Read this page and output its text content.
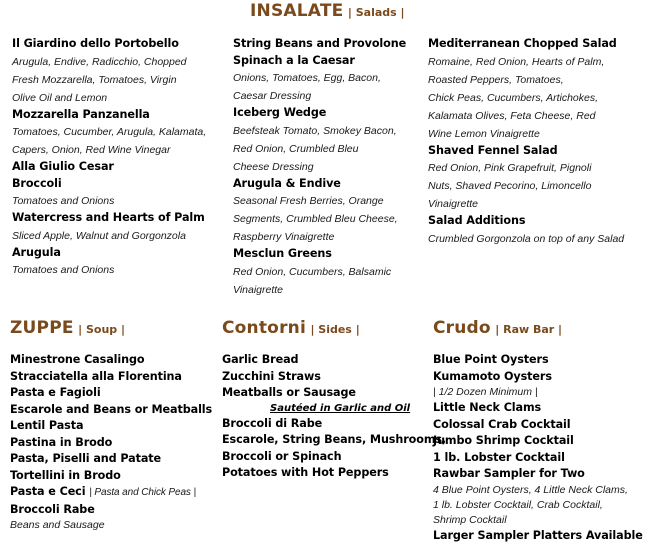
INSALATE | Salads |
ZUPPE | Soup |	Contorni | Sides |	Crudo | Raw Bar |
Il Giardino dello Portobello
Arugula, Endive, Radicchio, Chopped
Fresh Mozzarella, Tomatoes, Virgin
Olive Oil and Lemon
Mozzarella Panzanella
Tomatoes, Cucumber, Arugula, Kalamata,
Capers, Onion, Red Wine Vinegar
Alla Giulio Cesar
Broccoli
Tomatoes and Onions
Watercress and Hearts of Palm
Sliced Apple, Walnut and Gorgonzola
Arugula
Tomatoes and Onions
String Beans and Provolone
Spinach a la Caesar
Onions, Tomatoes, Egg, Bacon,
Caesar Dressing
Iceberg Wedge
Beefsteak Tomato, Smokey Bacon,
Red Onion, Crumbled Bleu
Cheese Dressing
Arugula & Endive
Seasonal Fresh Berries, Orange
Segments, Crumbled Bleu Cheese,
Raspberry Vinaigrette
Mesclun Greens
Red Onion, Cucumbers, Balsamic
Vinaigrette
Mediterranean Chopped Salad
Romaine, Red Onion, Hearts of Palm,
Roasted Peppers, Tomatoes,
Chick Peas, Cucumbers, Artichokes,
Kalamata Olives, Feta Cheese, Red
Wine Lemon Vinaigrette
Shaved Fennel Salad
Red Onion, Pink Grapefruit, Pignoli
Nuts, Shaved Pecorino, Limoncello
Vinaigrette
Salad Additions
Crumbled Gorgonzola on top of any Salad
Minestrone Casalingo
Stracciatella alla Florentina
Pasta e Fagioli
Escarole and Beans or Meatballs
Lentil Pasta
Pastina in Brodo
Pasta, Piselli and Patate
Tortellini in Brodo
Pasta e Ceci | Pasta and Chick Peas |
Broccoli Rabe
Beans and Sausage
Garlic Bread
Zucchini Straws
Meatballs or Sausage
Sautéed in Garlic and Oil
Broccoli di Rabe
Escarole, String Beans, Mushrooms,
Broccoli or Spinach
Potatoes with Hot Peppers
Blue Point Oysters
Kumamoto Oysters
| 1/2 Dozen Minimum |
Little Neck Clams
Colossal Crab Cocktail
Jumbo Shrimp Cocktail
1 lb. Lobster Cocktail
Rawbar Sampler for Two
4 Blue Point Oysters, 4 Little Neck Clams,
1 lb. Lobster Cocktail, Crab Cocktail,
Shrimp Cocktail
Larger Sampler Platters Available
